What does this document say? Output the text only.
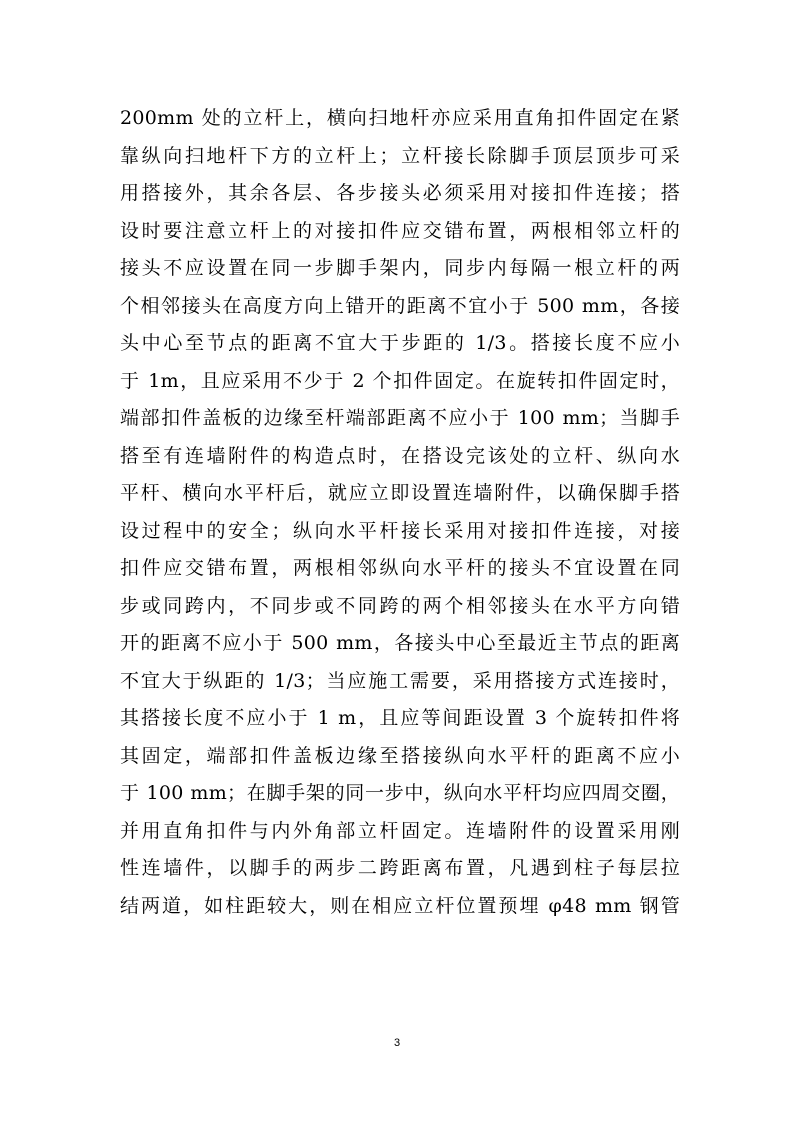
200mm 处的立杆上，横向扫地杆亦应采用直角扣件固定在紧
靠纵向扫地杆下方的立杆上；立杆接长除脚手顶层顶步可采
用搭接外，其余各层、各步接头必须采用对接扣件连接；搭
设时要注意立杆上的对接扣件应交错布置，两根相邻立杆的
接头不应设置在同一步脚手架内，同步内每隔一根立杆的两
个相邻接头在高度方向上错开的距离不宜小于 500 mm，各接
头中心至节点的距离不宜大于步距的 1/3。搭接长度不应小
于 1m，且应采用不少于 2 个扣件固定。在旋转扣件固定时，
端部扣件盖板的边缘至杆端部距离不应小于 100 mm；当脚手
搭至有连墙附件的构造点时，在搭设完该处的立杆、纵向水
平杆、横向水平杆后，就应立即设置连墙附件，以确保脚手搭
设过程中的安全；纵向水平杆接长采用对接扣件连接，对接
扣件应交错布置，两根相邻纵向水平杆的接头不宜设置在同
步或同跨内，不同步或不同跨的两个相邻接头在水平方向错
开的距离不应小于 500 mm，各接头中心至最近主节点的距离
不宜大于纵距的 1/3；当应施工需要，采用搭接方式连接时，
其搭接长度不应小于 1 m，且应等间距设置 3 个旋转扣件将
其固定，端部扣件盖板边缘至搭接纵向水平杆的距离不应小
于 100 mm；在脚手架的同一步中，纵向水平杆均应四周交圈，
并用直角扣件与内外角部立杆固定。连墙附件的设置采用刚
性连墙件，以脚手的两步二跨距离布置，凡遇到柱子每层拉
结两道，如柱距较大，则在相应立杆位置预埋 φ48 mm 钢管
3
